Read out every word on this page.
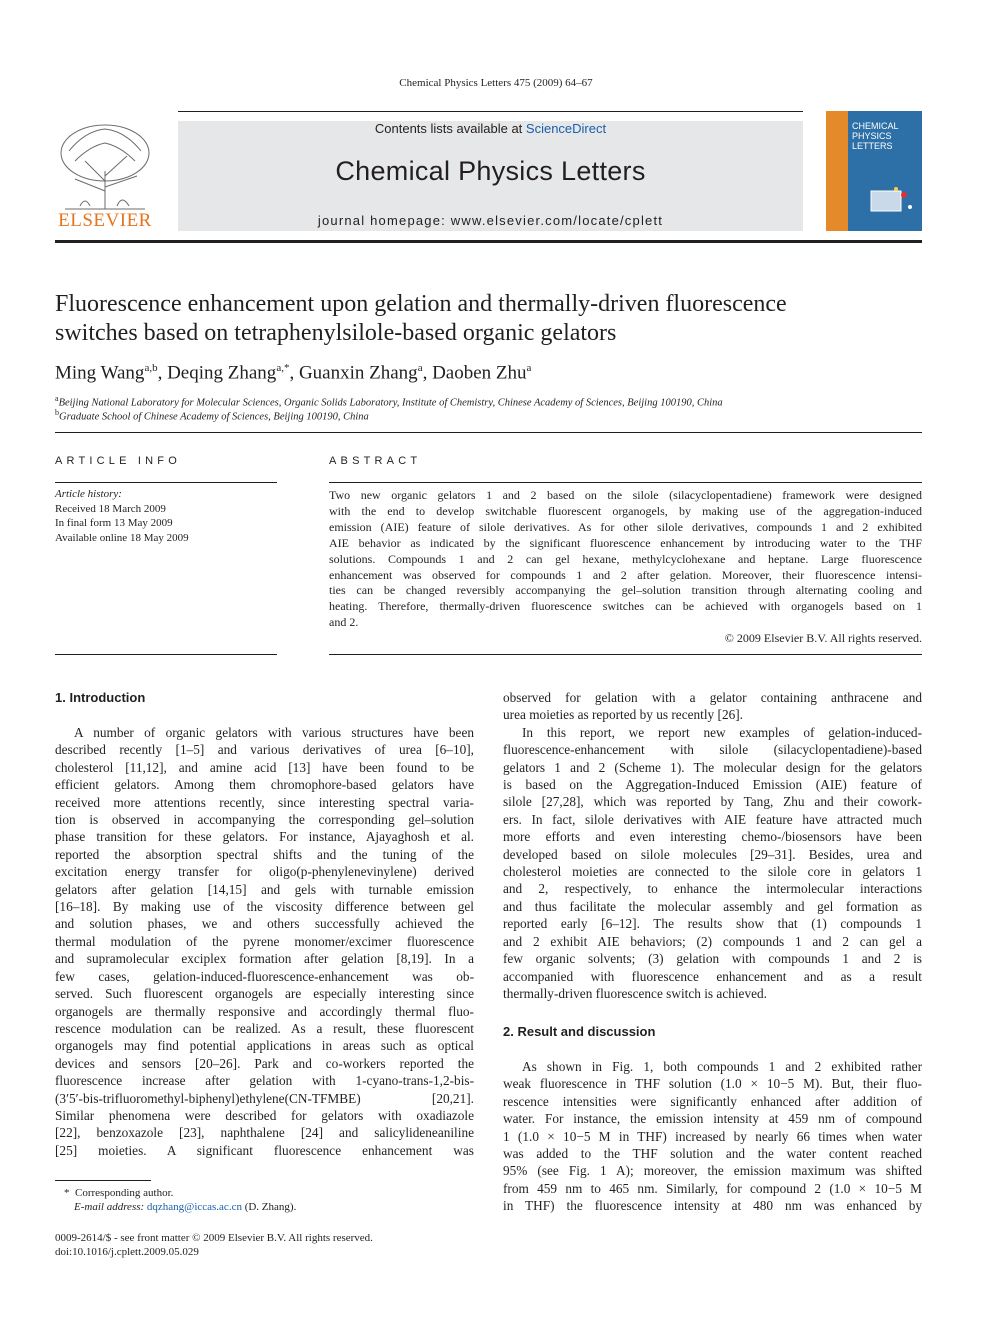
Chemical Physics Letters 475 (2009) 64–67
ELSEVIER
Contents lists available at ScienceDirect
Chemical Physics Letters
journal homepage: www.elsevier.com/locate/cplett
CHEMICAL
PHYSICS
LETTERS
Fluorescence enhancement upon gelation and thermally-driven fluorescence
switches based on tetraphenylsilole-based organic gelators
Ming Wang$^{a,b}$, Deqing Zhang$^{a,*}$, Guanxin Zhang$^a$, Daoben Zhu$^a$
$^a$Beijing National Laboratory for Molecular Sciences, Organic Solids Laboratory, Institute of Chemistry, Chinese Academy of Sciences, Beijing 100190, China
$^b$Graduate School of Chinese Academy of Sciences, Beijing 100190, China
ARTICLE INFO
Article history:
Received 18 March 2009
In final form 13 May 2009
Available online 18 May 2009
ABSTRACT
Two new organic gelators 1 and 2 based on the silole (silacyclopentadiene) framework were designed
with the end to develop switchable fluorescent organogels, by making use of the aggregation-induced
emission (AIE) feature of silole derivatives. As for other silole derivatives, compounds 1 and 2 exhibited
AIE behavior as indicated by the significant fluorescence enhancement by introducing water to the THF
solutions. Compounds 1 and 2 can gel hexane, methylcyclohexane and heptane. Large fluorescence
enhancement was observed for compounds 1 and 2 after gelation. Moreover, their fluorescence intensi-
ties can be changed reversibly accompanying the gel–solution transition through alternating cooling and
heating. Therefore, thermally-driven fluorescence switches can be achieved with organogels based on 1
and 2.
© 2009 Elsevier B.V. All rights reserved.
1. Introduction
A number of organic gelators with various structures have been
described recently [1–5] and various derivatives of urea [6–10],
cholesterol [11,12], and amine acid [13] have been found to be
efficient gelators. Among them chromophore-based gelators have
received more attentions recently, since interesting spectral varia-
tion is observed in accompanying the corresponding gel–solution
phase transition for these gelators. For instance, Ajayaghosh et al.
reported the absorption spectral shifts and the tuning of the
excitation energy transfer for oligo(p-phenylenevinylene) derived
gelators after gelation [14,15] and gels with turnable emission
[16–18]. By making use of the viscosity difference between gel
and solution phases, we and others successfully achieved the
thermal modulation of the pyrene monomer/excimer fluorescence
and supramolecular exciplex formation after gelation [8,19]. In a
few cases, gelation-induced-fluorescence-enhancement was ob-
served. Such fluorescent organogels are especially interesting since
organogels are thermally responsive and accordingly thermal fluo-
rescence modulation can be realized. As a result, these fluorescent
organogels may find potential applications in areas such as optical
devices and sensors [20–26]. Park and co-workers reported the
fluorescence increase after gelation with 1-cyano-trans-1,2-bis-
(3′5′-bis-trifluoromethyl-biphenyl)ethylene(CN-TFMBE) [20,21].
Similar phenomena were described for gelators with oxadiazole
[22], benzoxazole [23], naphthalene [24] and salicylideneaniline
[25] moieties. A significant fluorescence enhancement was
observed for gelation with a gelator containing anthracene and
urea moieties as reported by us recently [26].
In this report, we report new examples of gelation-induced-
fluorescence-enhancement with silole (silacyclopentadiene)-based
gelators 1 and 2 (Scheme 1). The molecular design for the gelators
is based on the Aggregation-Induced Emission (AIE) feature of
silole [27,28], which was reported by Tang, Zhu and their cowork-
ers. In fact, silole derivatives with AIE feature have attracted much
more efforts and even interesting chemo-/biosensors have been
developed based on silole molecules [29–31]. Besides, urea and
cholesterol moieties are connected to the silole core in gelators 1
and 2, respectively, to enhance the intermolecular interactions
and thus facilitate the molecular assembly and gel formation as
reported early [6–12]. The results show that (1) compounds 1
and 2 exhibit AIE behaviors; (2) compounds 1 and 2 can gel a
few organic solvents; (3) gelation with compounds 1 and 2 is
accompanied with fluorescence enhancement and as a result
thermally-driven fluorescence switch is achieved.
2. Result and discussion
As shown in Fig. 1, both compounds 1 and 2 exhibited rather
weak fluorescence in THF solution (1.0 × 10−5 M). But, their fluo-
rescence intensities were significantly enhanced after addition of
water. For instance, the emission intensity at 459 nm of compound
1 (1.0 × 10−5 M in THF) increased by nearly 66 times when water
was added to the THF solution and the water content reached
95% (see Fig. 1 A); moreover, the emission maximum was shifted
from 459 nm to 465 nm. Similarly, for compound 2 (1.0 × 10−5 M
in THF) the fluorescence intensity at 480 nm was enhanced by
*  Corresponding author.
E-mail address: dqzhang@iccas.ac.cn (D. Zhang).
0009-2614/$ - see front matter © 2009 Elsevier B.V. All rights reserved.
doi:10.1016/j.cplett.2009.05.029
